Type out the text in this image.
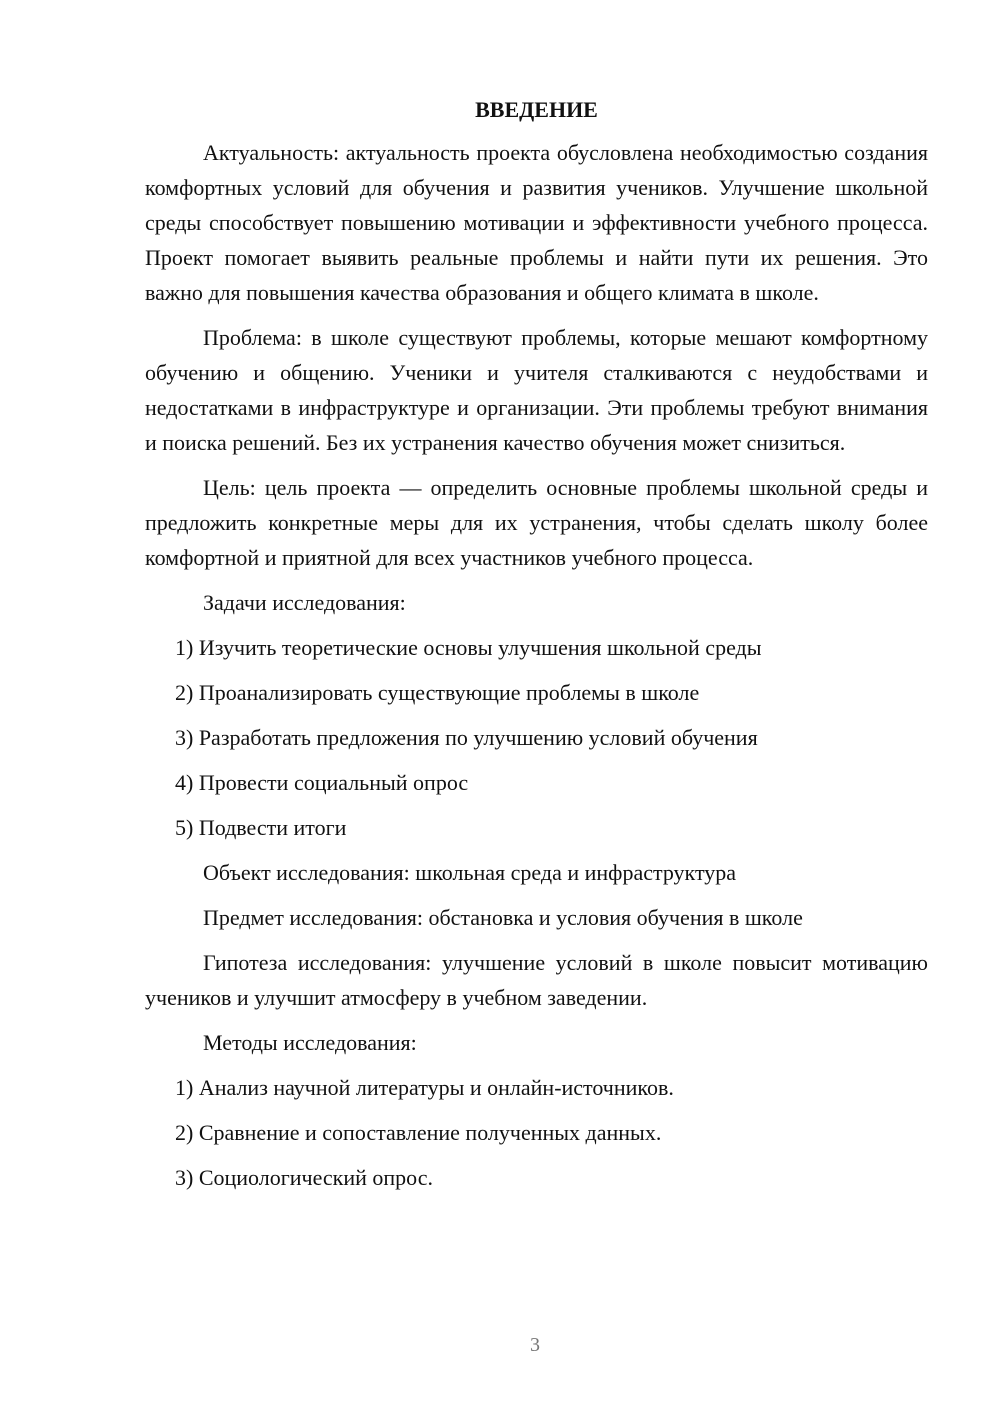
ВВЕДЕНИЕ

Актуальность: актуальность проекта обусловлена необходимостью создания комфортных условий для обучения и развития учеников. Улучшение школьной среды способствует повышению мотивации и эффективности учебного процесса. Проект помогает выявить реальные проблемы и найти пути их решения. Это важно для повышения качества образования и общего климата в школе.

Проблема: в школе существуют проблемы, которые мешают комфортному обучению и общению. Ученики и учителя сталкиваются с неудобствами и недостатками в инфраструктуре и организации. Эти проблемы требуют внимания и поиска решений. Без их устранения качество обучения может снизиться.

Цель: цель проекта — определить основные проблемы школьной среды и предложить конкретные меры для их устранения, чтобы сделать школу более комфортной и приятной для всех участников учебного процесса.

Задачи исследования:

1) Изучить теоретические основы улучшения школьной среды

2) Проанализировать существующие проблемы в школе

3) Разработать предложения по улучшению условий обучения

4) Провести социальный опрос

5) Подвести итоги

Объект исследования: школьная среда и инфраструктура

Предмет исследования: обстановка и условия обучения в школе

Гипотеза исследования: улучшение условий в школе повысит мотивацию учеников и улучшит атмосферу в учебном заведении.

Методы исследования:

1) Анализ научной литературы и онлайн-источников.

2) Сравнение и сопоставление полученных данных.

3) Социологический опрос.

3
